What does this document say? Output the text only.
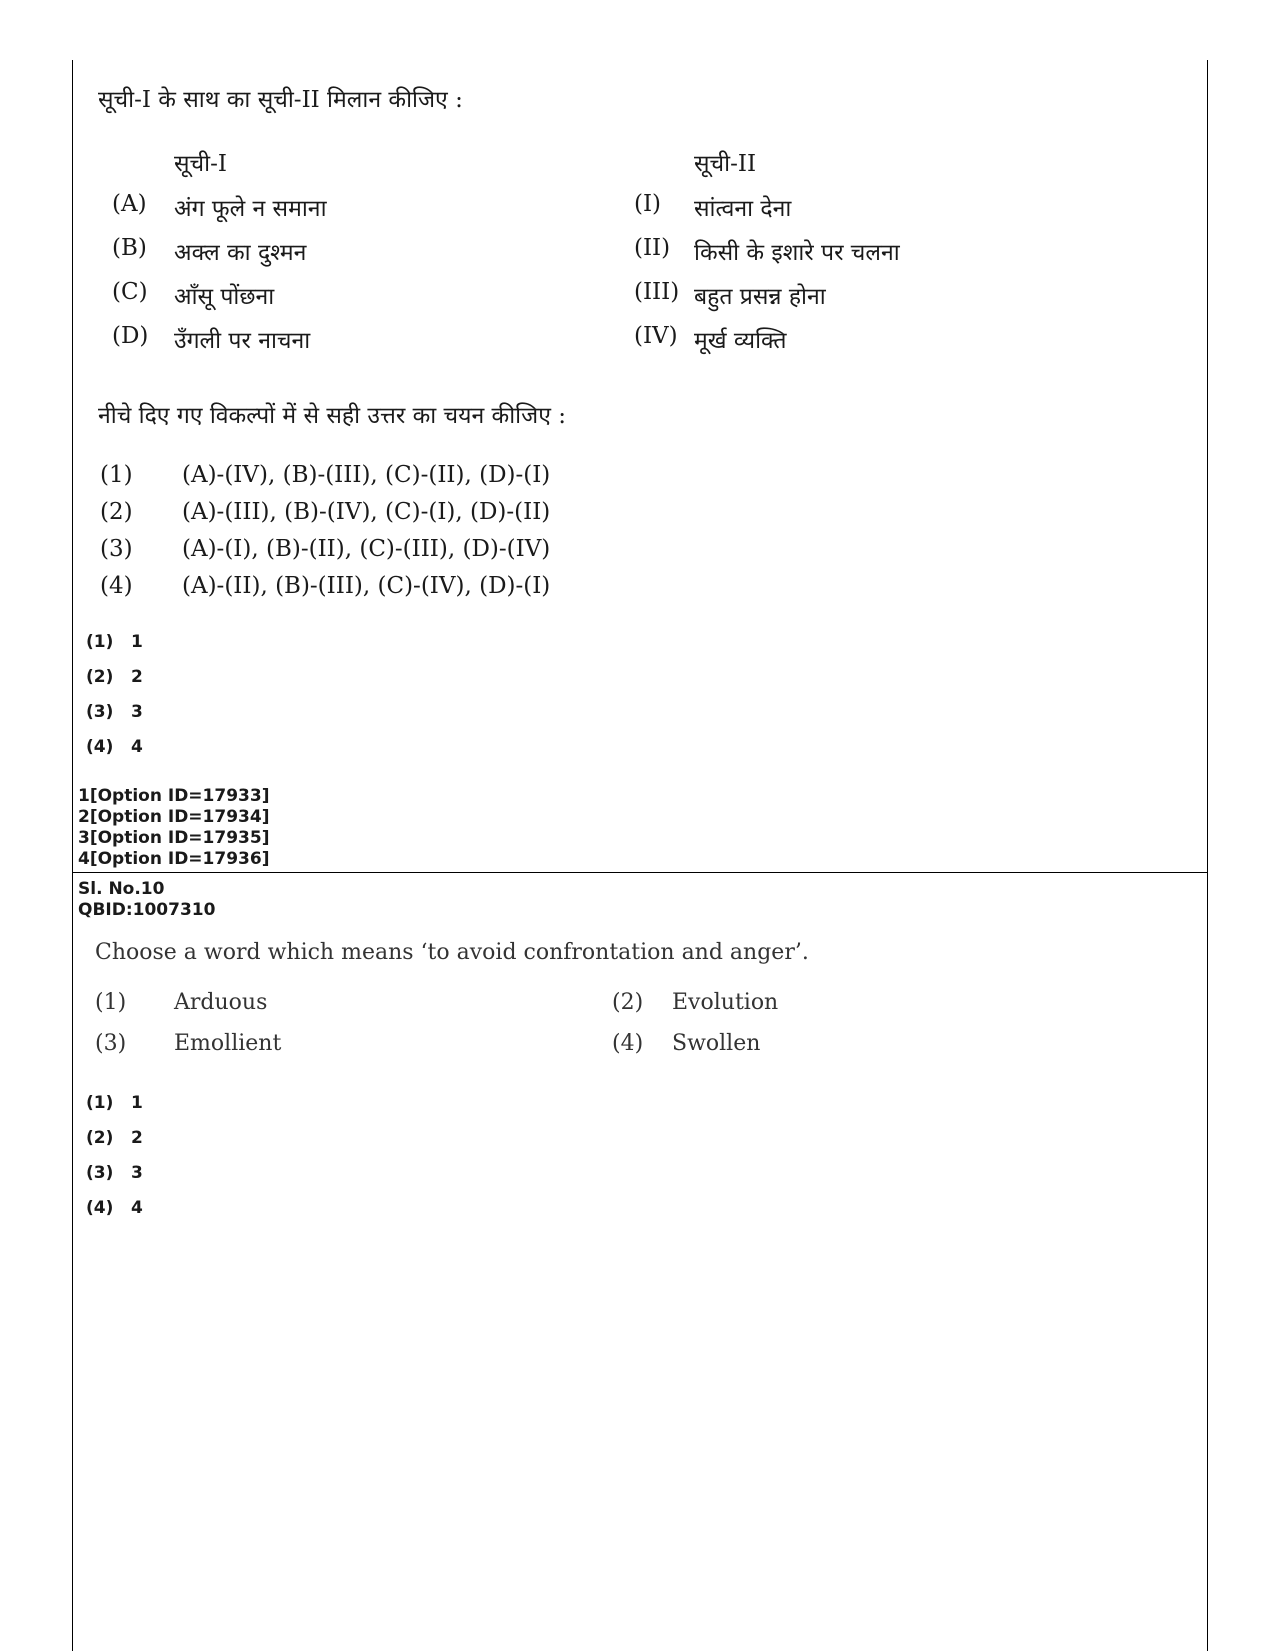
सूची-I के साथ का सूची-II मिलान कीजिए :
सूची-I	सूची-II
(A) अंग फूले न समाना	(I) सांत्वना देना
(B) अक्ल का दुश्मन	(II) किसी के इशारे पर चलना
(C) आँसू पोंछना	(III) बहुत प्रसन्न होना
(D) उँगली पर नाचना	(IV) मूर्ख व्यक्ति
नीचे दिए गए विकल्पों में से सही उत्तर का चयन कीजिए :
(1) (A)-(IV), (B)-(III), (C)-(II), (D)-(I)
(2) (A)-(III), (B)-(IV), (C)-(I), (D)-(II)
(3) (A)-(I), (B)-(II), (C)-(III), (D)-(IV)
(4) (A)-(II), (B)-(III), (C)-(IV), (D)-(I)
(1) 1
(2) 2
(3) 3
(4) 4
1[Option ID=17933]
2[Option ID=17934]
3[Option ID=17935]
4[Option ID=17936]
Sl. No.10
QBID:1007310
Choose a word which means ‘to avoid confrontation and anger’.
(1) Arduous	(2) Evolution
(3) Emollient	(4) Swollen
(1) 1
(2) 2
(3) 3
(4) 4
